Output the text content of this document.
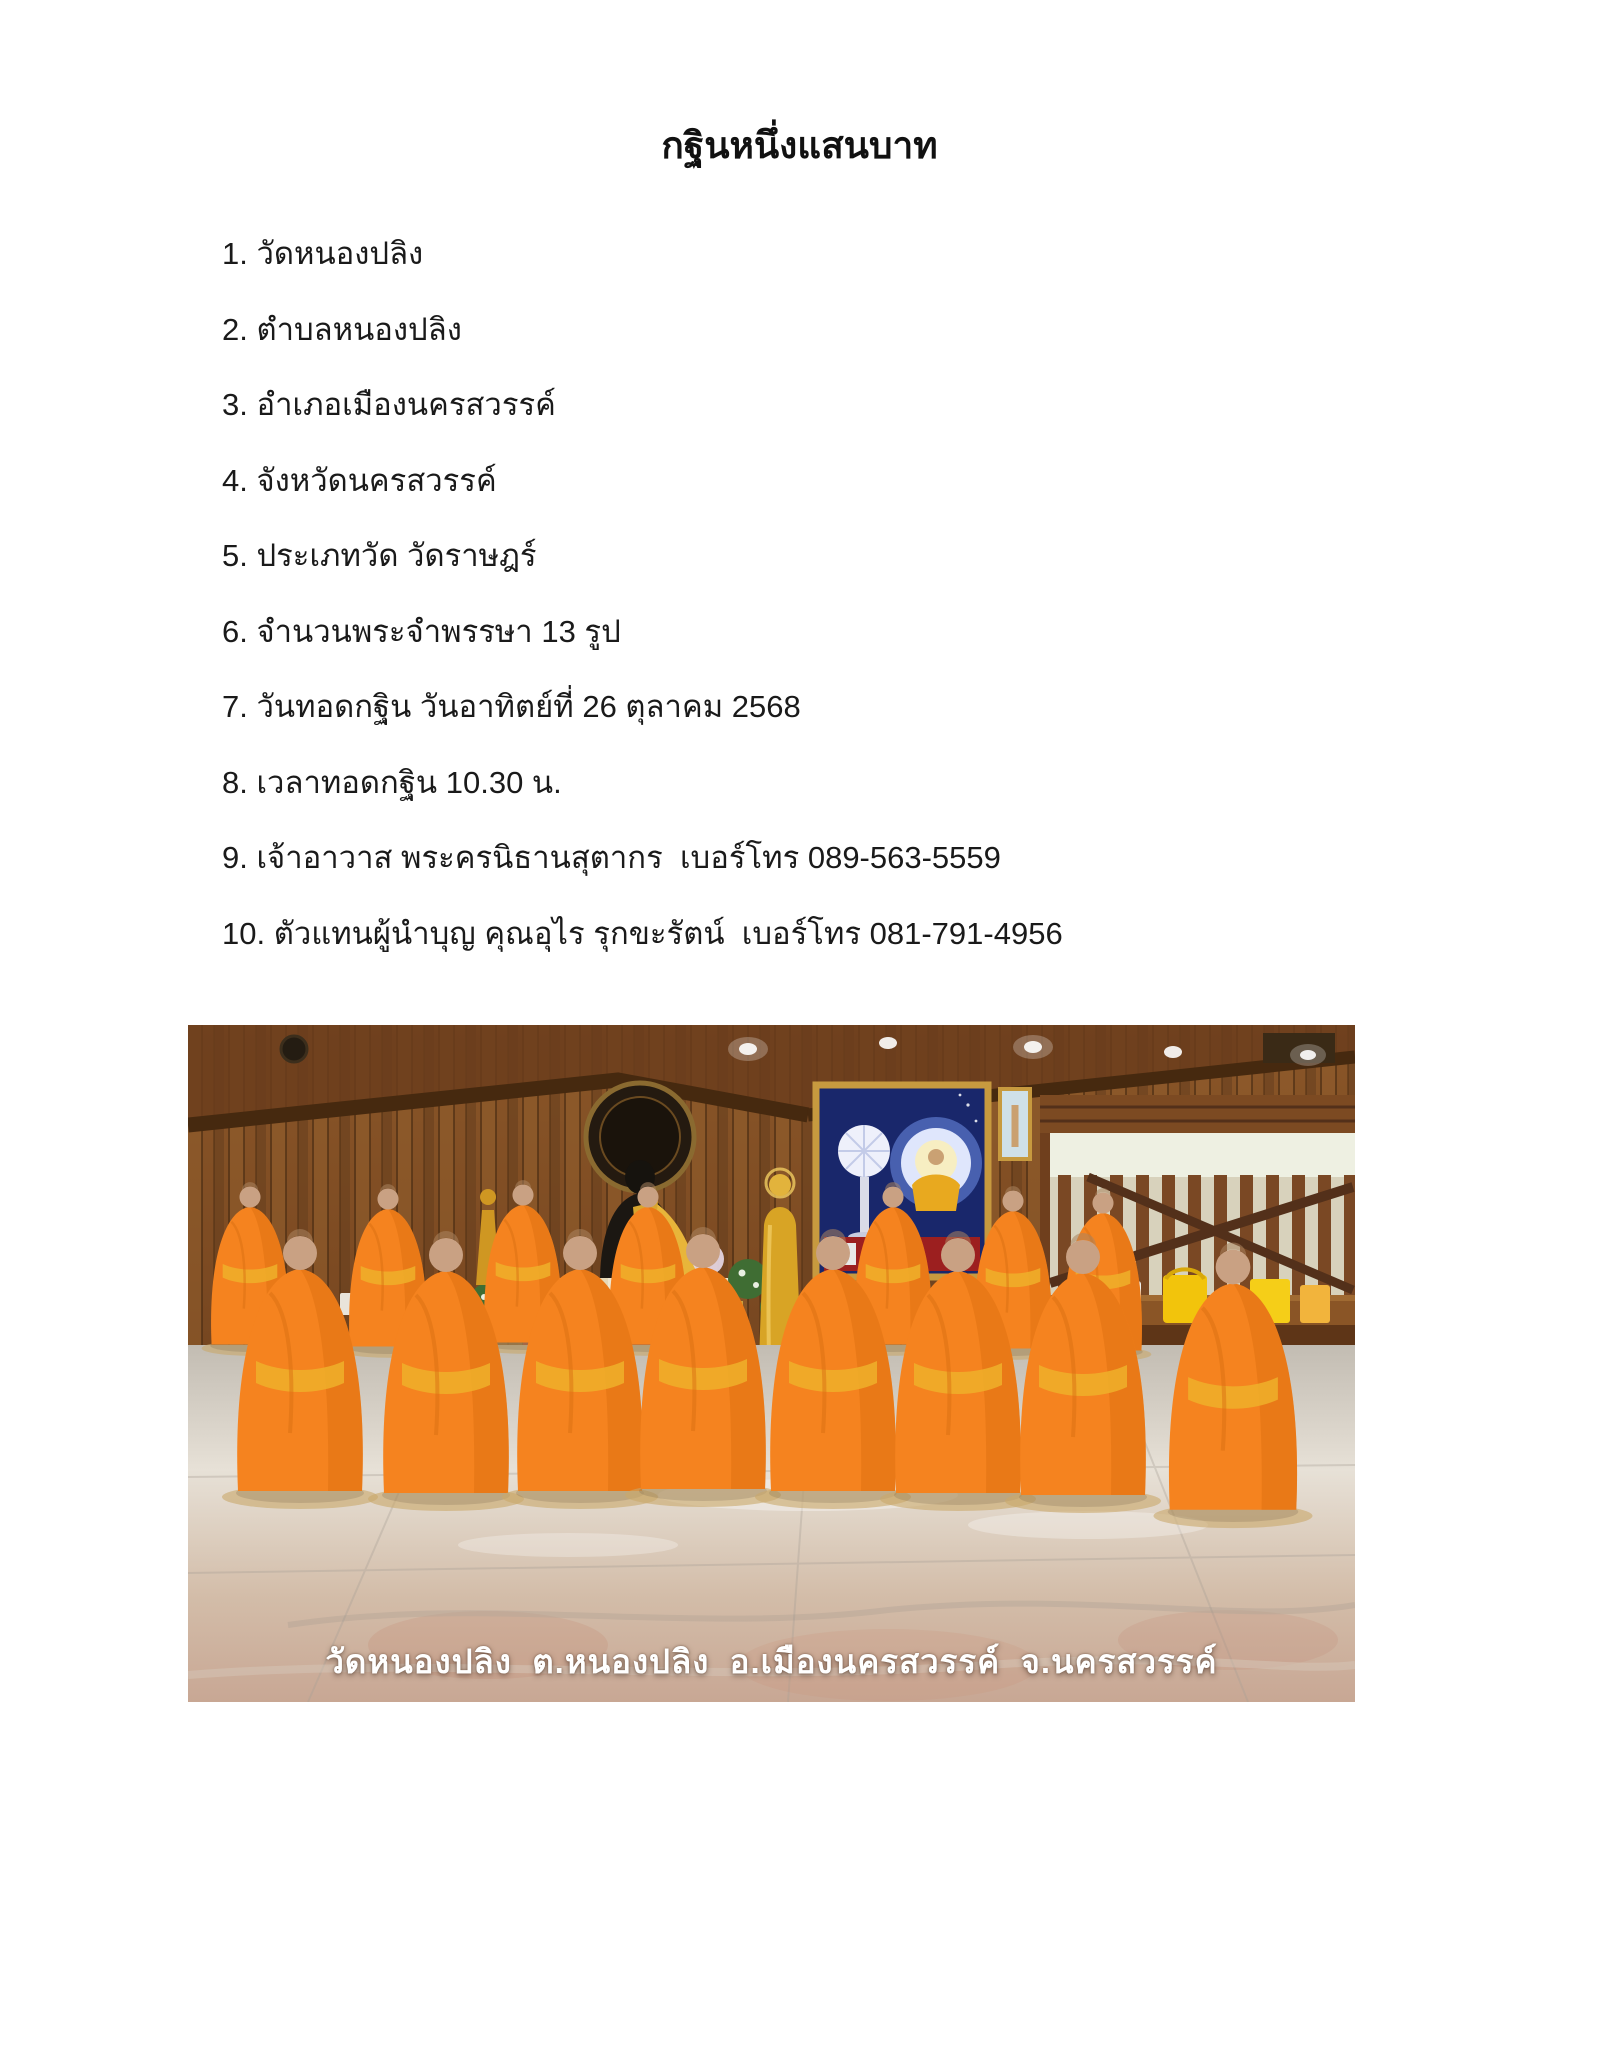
กฐินหนึ่งแสนบาท
1. วัดหนองปลิง
2. ตำบลหนองปลิง
3. อำเภอเมืองนครสวรรค์
4. จังหวัดนครสวรรค์
5. ประเภทวัด วัดราษฎร์
6. จำนวนพระจำพรรษา 13 รูป
7. วันทอดกฐิน วันอาทิตย์ที่ 26 ตุลาคม 2568
8. เวลาทอดกฐิน 10.30 น.
9. เจ้าอาวาส พระครนิธานสุตากร  เบอร์โทร 089-563-5559
10. ตัวแทนผู้นำบุญ คุณอุไร รุกขะรัตน์  เบอร์โทร 081-791-4956
วัดหนองปลิง  ต.หนองปลิง  อ.เมืองนครสวรรค์  จ.นครสวรรค์
